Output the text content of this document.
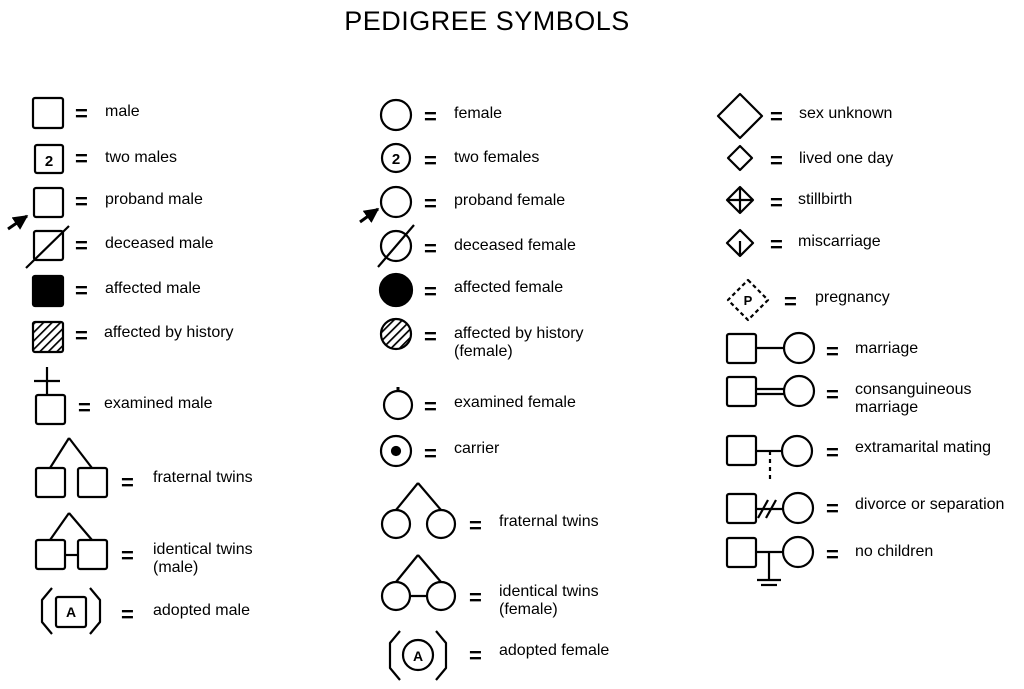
PEDIGREE SYMBOLS
2
A
2
A
P
=
=
=
=
=
=
=
=
=
=
=
=
=
=
=
=
=
=
=
=
=
=
=
=
=
=
=
=
=
=
=
male
two males
proband male
deceased male
affected male
affected by history
examined male
fraternal twins
identical twins
(male)
adopted male
female
two females
proband female
deceased female
affected female
affected by history
(female)
examined female
carrier
fraternal twins
identical twins
(female)
adopted female
sex unknown
lived one day
stillbirth
miscarriage
pregnancy
marriage
consanguineous
marriage
extramarital mating
divorce or separation
no children
